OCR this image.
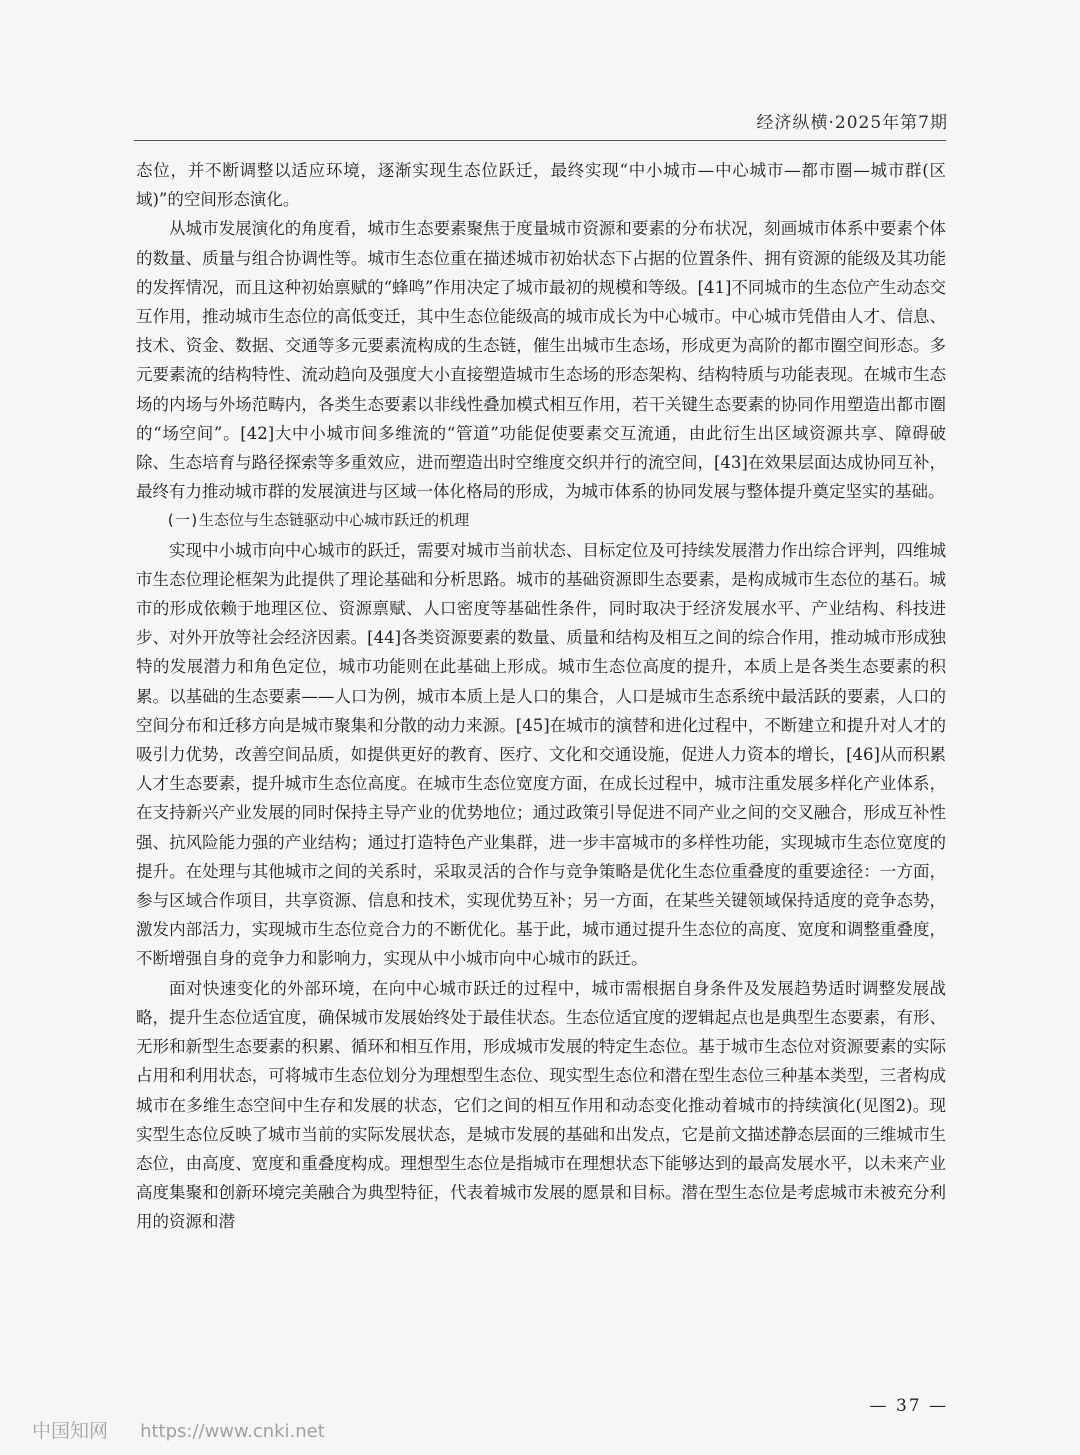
经济纵横·2025年第7期

态位，并不断调整以适应环境，逐渐实现生态位跃迁，最终实现“中小城市—中心城市—都市圈—城市群(区域)”的空间形态演化。

从城市发展演化的角度看，城市生态要素聚焦于度量城市资源和要素的分布状况，刻画城市体系中要素个体的数量、质量与组合协调性等。城市生态位重在描述城市初始状态下占据的位置条件、拥有资源的能级及其功能的发挥情况，而且这种初始禀赋的“蜂鸣”作用决定了城市最初的规模和等级。[41]不同城市的生态位产生动态交互作用，推动城市生态位的高低变迁，其中生态位能级高的城市成长为中心城市。中心城市凭借由人才、信息、技术、资金、数据、交通等多元要素流构成的生态链，催生出城市生态场，形成更为高阶的都市圈空间形态。多元要素流的结构特性、流动趋向及强度大小直接塑造城市生态场的形态架构、结构特质与功能表现。在城市生态场的内场与外场范畴内，各类生态要素以非线性叠加模式相互作用，若干关键生态要素的协同作用塑造出都市圈的“场空间”。[42]大中小城市间多维流的“管道”功能促使要素交互流通，由此衍生出区域资源共享、障碍破除、生态培育与路径探索等多重效应，进而塑造出时空维度交织并行的流空间，[43]在效果层面达成协同互补，最终有力推动城市群的发展演进与区域一体化格局的形成，为城市体系的协同发展与整体提升奠定坚实的基础。

(一)生态位与生态链驱动中心城市跃迁的机理

实现中小城市向中心城市的跃迁，需要对城市当前状态、目标定位及可持续发展潜力作出综合评判，四维城市生态位理论框架为此提供了理论基础和分析思路。城市的基础资源即生态要素，是构成城市生态位的基石。城市的形成依赖于地理区位、资源禀赋、人口密度等基础性条件，同时取决于经济发展水平、产业结构、科技进步、对外开放等社会经济因素。[44]各类资源要素的数量、质量和结构及相互之间的综合作用，推动城市形成独特的发展潜力和角色定位，城市功能则在此基础上形成。城市生态位高度的提升，本质上是各类生态要素的积累。以基础的生态要素——人口为例，城市本质上是人口的集合，人口是城市生态系统中最活跃的要素，人口的空间分布和迁移方向是城市聚集和分散的动力来源。[45]在城市的演替和进化过程中，不断建立和提升对人才的吸引力优势，改善空间品质，如提供更好的教育、医疗、文化和交通设施，促进人力资本的增长，[46]从而积累人才生态要素，提升城市生态位高度。在城市生态位宽度方面，在成长过程中，城市注重发展多样化产业体系，在支持新兴产业发展的同时保持主导产业的优势地位；通过政策引导促进不同产业之间的交叉融合，形成互补性强、抗风险能力强的产业结构；通过打造特色产业集群，进一步丰富城市的多样性功能，实现城市生态位宽度的提升。在处理与其他城市之间的关系时，采取灵活的合作与竞争策略是优化生态位重叠度的重要途径：一方面，参与区域合作项目，共享资源、信息和技术，实现优势互补；另一方面，在某些关键领域保持适度的竞争态势，激发内部活力，实现城市生态位竞合力的不断优化。基于此，城市通过提升生态位的高度、宽度和调整重叠度，不断增强自身的竞争力和影响力，实现从中小城市向中心城市的跃迁。

面对快速变化的外部环境，在向中心城市跃迁的过程中，城市需根据自身条件及发展趋势适时调整发展战略，提升生态位适宜度，确保城市发展始终处于最佳状态。生态位适宜度的逻辑起点也是典型生态要素，有形、无形和新型生态要素的积累、循环和相互作用，形成城市发展的特定生态位。基于城市生态位对资源要素的实际占用和利用状态，可将城市生态位划分为理想型生态位、现实型生态位和潜在型生态位三种基本类型，三者构成城市在多维生态空间中生存和发展的状态，它们之间的相互作用和动态变化推动着城市的持续演化(见图2)。现实型生态位反映了城市当前的实际发展状态，是城市发展的基础和出发点，它是前文描述静态层面的三维城市生态位，由高度、宽度和重叠度构成。理想型生态位是指城市在理想状态下能够达到的最高发展水平，以未来产业高度集聚和创新环境完美融合为典型特征，代表着城市发展的愿景和目标。潜在型生态位是考虑城市未被充分利用的资源和潜

— 37 —
中国知网 https://www.cnki.net
